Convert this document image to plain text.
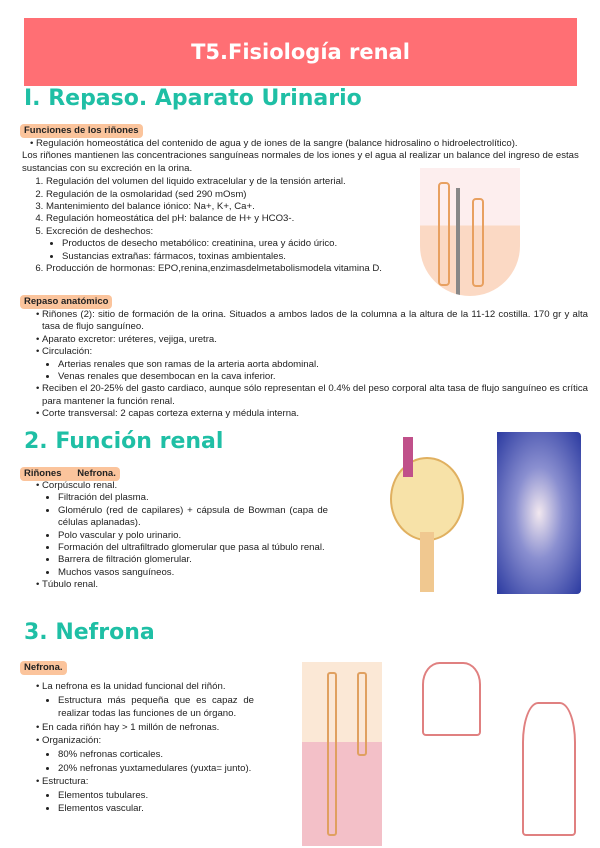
T5.Fisiología renal
I. Repaso. Aparato Urinario
Funciones de los riñones
• Regulación homeostática del contenido de agua y de iones de la sangre (balance hidrosalino o hidroelectrolítico).

Los riñones mantienen las concentraciones sanguíneas normales de los iones y el agua al realizar un balance del ingreso de estas sustancias con su excreción en la orina.

1. Regulación del volumen del liquido extracelular y de la tensión arterial.
2. Regulación de la osmolaridad (sed 290 mOsm)
3. Mantenimiento del balance iónico: Na+, K+, Ca+.
4. Regulación homeostática del pH: balance de H+ y HCO3-.
5. Excreción de deshechos:
• Productos de desecho metabólico: creatinina, urea y ácido úrico.
• Sustancias extrañas: fármacos, toxinas ambientales.
6. Producción de hormonas: EPO,renina,enzimasdelmetabolismodela vitamina D.
Repaso anatómico
• Riñones (2): sitio de formación de la orina. Situados a ambos lados de la columna a la altura de la 11-12 costilla. 170 gr y alta tasa de flujo sanguíneo.
• Aparato excretor: uréteres, vejiga, uretra.
• Circulación:
• Arterias renales que son ramas de la arteria aorta abdominal.
• Venas renales que desembocan en la cava inferior.
• Reciben el 20-25% del gasto cardiaco, aunque sólo representan el 0.4% del peso corporal alta tasa de flujo sanguíneo es crítica para mantener la función renal.
• Corte transversal: 2 capas corteza externa y médula interna.
2. Función renal
Riñones      Nefrona.
• Corpúsculo renal.
• Filtración del plasma.
• Glomérulo (red de capilares) + cápsula de Bowman (capa de células aplanadas).
• Polo vascular y polo urinario.
• Formación del ultrafiltrado glomerular que pasa al túbulo renal.
• Barrera de filtración glomerular.
• Muchos vasos sanguíneos.
• Túbulo renal.
3. Nefrona
Nefrona.
• La nefrona es la unidad funcional del riñón.
• Estructura más pequeña que es capaz de realizar todas las funciones de un órgano.
• En cada riñón hay > 1 millón de nefronas.
• Organización:
• 80% nefronas corticales.
• 20% nefronas yuxtamedulares (yuxta= junto).
• Estructura:
• Elementos tubulares.
• Elementos vascular.
